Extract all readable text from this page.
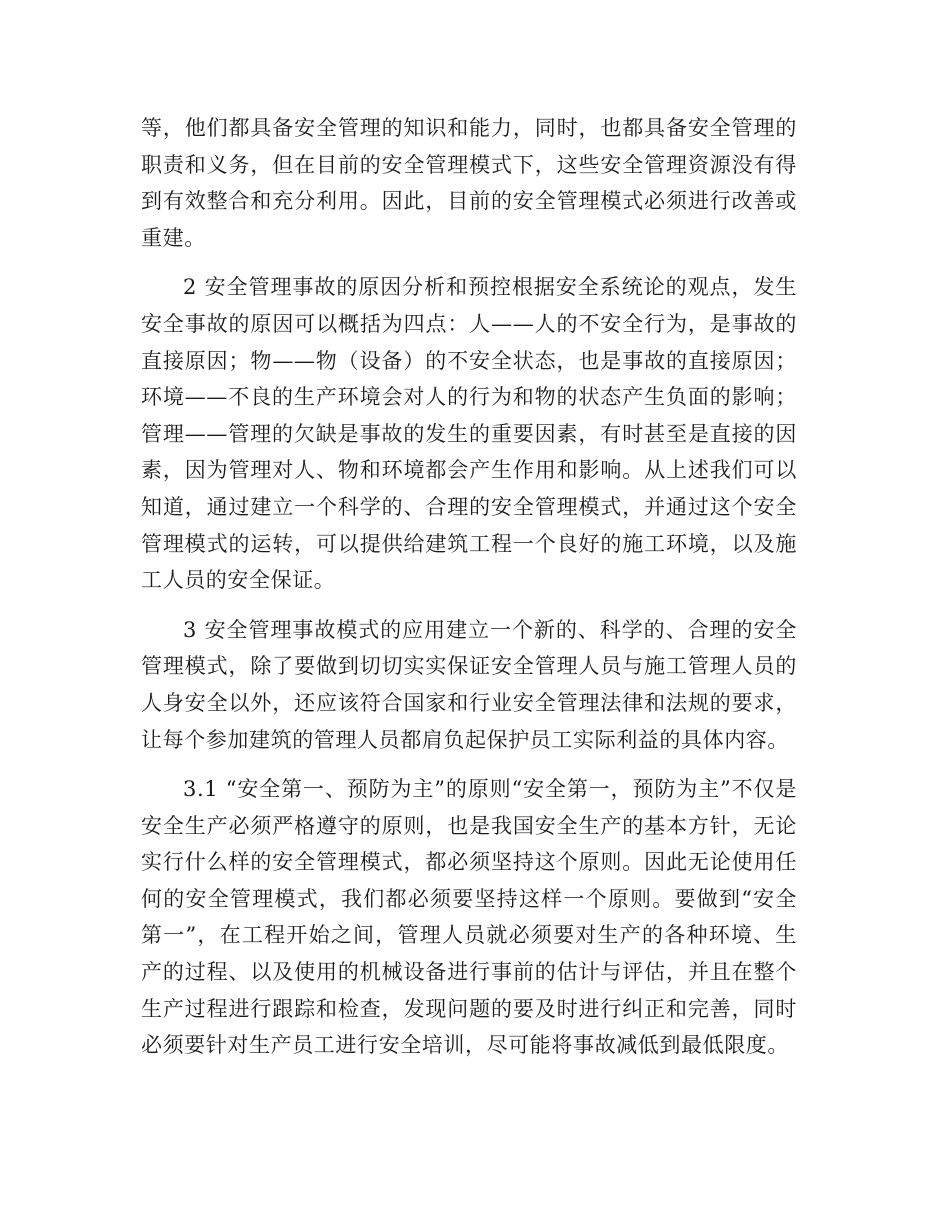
等，他们都具备安全管理的知识和能力，同时，也都具备安全管理的职责和义务，但在目前的安全管理模式下，这些安全管理资源没有得到有效整合和充分利用。因此，目前的安全管理模式必须进行改善或重建。

2 安全管理事故的原因分析和预控根据安全系统论的观点，发生安全事故的原因可以概括为四点：人——人的不安全行为，是事故的直接原因；物——物（设备）的不安全状态，也是事故的直接原因；环境——不良的生产环境会对人的行为和物的状态产生负面的影响；管理——管理的欠缺是事故的发生的重要因素，有时甚至是直接的因素，因为管理对人、物和环境都会产生作用和影响。从上述我们可以知道，通过建立一个科学的、合理的安全管理模式，并通过这个安全管理模式的运转，可以提供给建筑工程一个良好的施工环境，以及施工人员的安全保证。

3 安全管理事故模式的应用建立一个新的、科学的、合理的安全管理模式，除了要做到切切实实保证安全管理人员与施工管理人员的人身安全以外，还应该符合国家和行业安全管理法律和法规的要求，让每个参加建筑的管理人员都肩负起保护员工实际利益的具体内容。

3.1 “安全第一、预防为主”的原则“安全第一，预防为主”不仅是安全生产必须严格遵守的原则，也是我国安全生产的基本方针，无论实行什么样的安全管理模式，都必须坚持这个原则。因此无论使用任何的安全管理模式，我们都必须要坚持这样一个原则。要做到“安全第一”，在工程开始之间，管理人员就必须要对生产的各种环境、生产的过程、以及使用的机械设备进行事前的估计与评估，并且在整个生产过程进行跟踪和检查，发现问题的要及时进行纠正和完善，同时必须要针对生产员工进行安全培训，尽可能将事故减低到最低限度。
